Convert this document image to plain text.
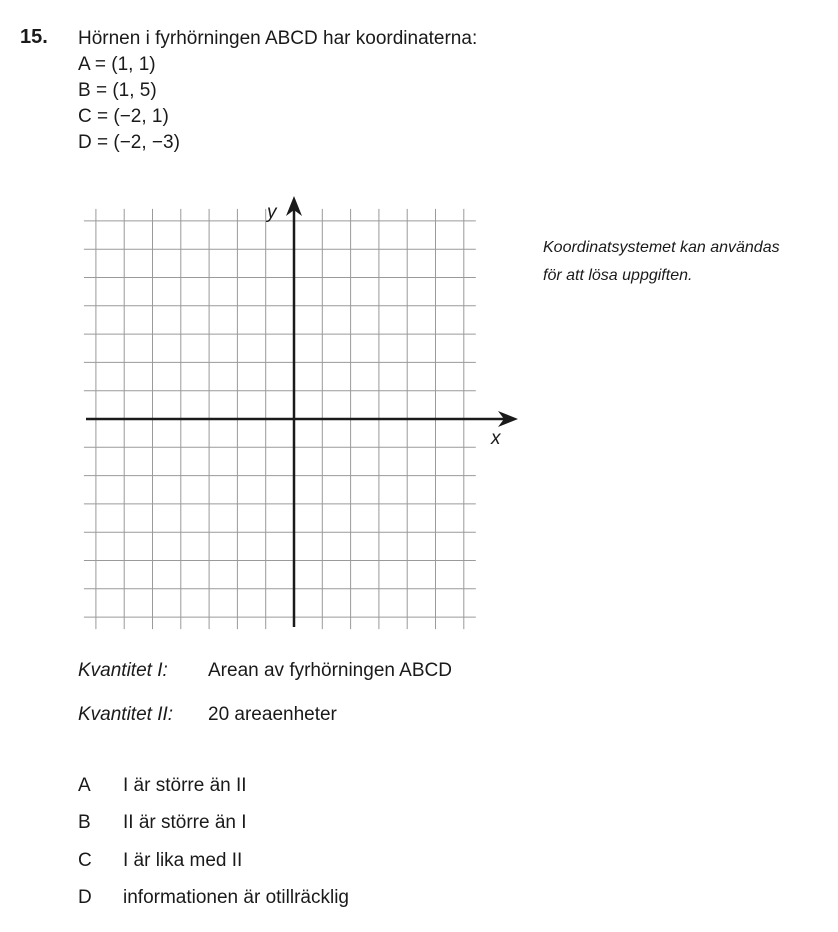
15. Hörnen i fyrhörningen ABCD har koordinaterna:
A = (1, 1)
B = (1, 5)
C = (−2, 1)
D = (−2, −3)
y
x
Koordinatsystemet kan användas
för att lösa uppgiften.
Kvantitet I: Arean av fyrhörningen ABCD
Kvantitet II: 20 areaenheter
A I är större än II
B II är större än I
C I är lika med II
D informationen är otillräcklig
